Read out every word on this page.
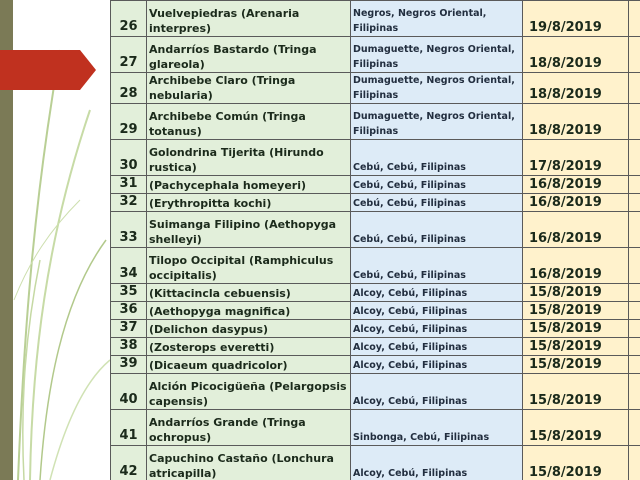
26	Vuelvepiedras (Arenaria interpres)	Negros, Negros Oriental, Filipinas	19/8/2019	
27	Andarríos Bastardo (Tringa glareola)	Dumaguette, Negros Oriental, Filipinas	18/8/2019	
28	Archibebe Claro (Tringa nebularia)	Dumaguette, Negros Oriental, Filipinas	18/8/2019	
29	Archibebe Común (Tringa totanus)	Dumaguette, Negros Oriental, Filipinas	18/8/2019	
30	Golondrina Tijerita (Hirundo rustica)	Cebú, Cebú, Filipinas	17/8/2019	
31	(Pachycephala homeyeri)	Cebú, Cebú, Filipinas	16/8/2019	
32	(Erythropitta kochi)	Cebú, Cebú, Filipinas	16/8/2019	
33	Suimanga Filipino (Aethopyga shelleyi)	Cebú, Cebú, Filipinas	16/8/2019	
34	Tilopo Occipital (Ramphiculus occipitalis)	Cebú, Cebú, Filipinas	16/8/2019	
35	(Kittacincla cebuensis)	Alcoy, Cebú, Filipinas	15/8/2019	
36	(Aethopyga magnifica)	Alcoy, Cebú, Filipinas	15/8/2019	
37	(Delichon dasypus)	Alcoy, Cebú, Filipinas	15/8/2019	
38	(Zosterops everetti)	Alcoy, Cebú, Filipinas	15/8/2019	
39	(Dicaeum quadricolor)	Alcoy, Cebú, Filipinas	15/8/2019	
40	Alción Picocigüeña (Pelargopsis capensis)	Alcoy, Cebú, Filipinas	15/8/2019	
41	Andarríos Grande (Tringa ochropus)	Sinbonga, Cebú, Filipinas	15/8/2019	
42	Capuchino Castaño (Lonchura atricapilla)	Alcoy, Cebú, Filipinas	15/8/2019	
